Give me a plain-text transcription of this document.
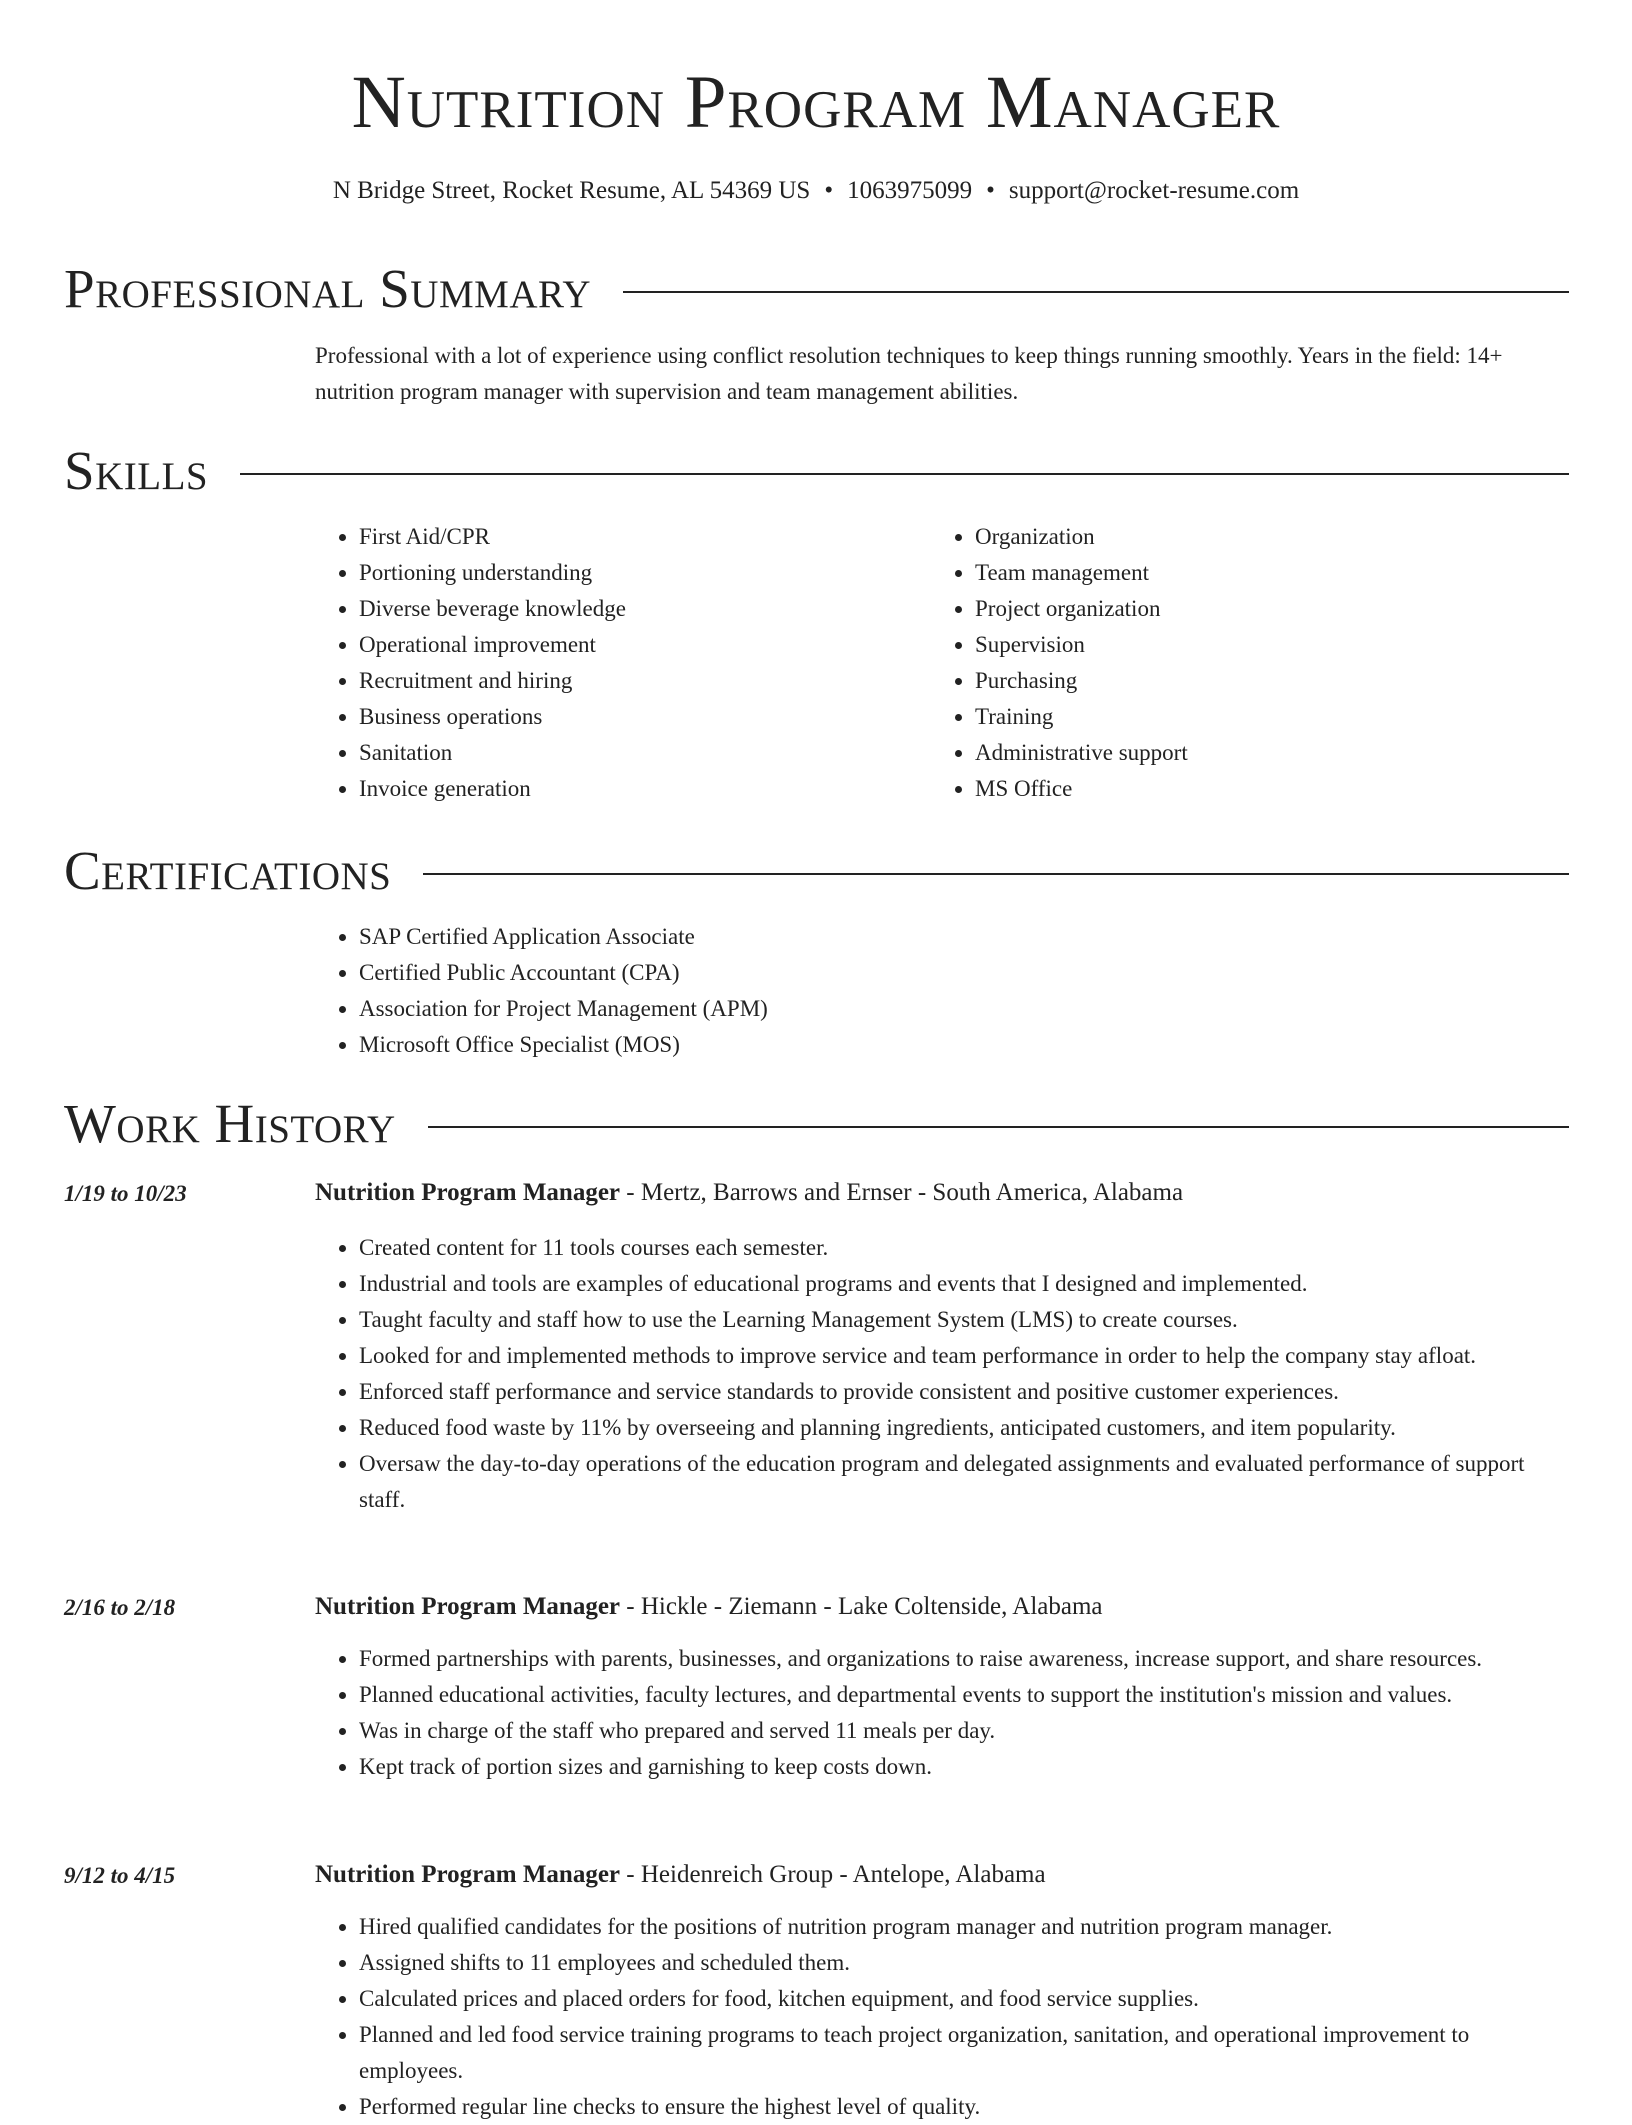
Nutrition Program Manager
N Bridge Street, Rocket Resume, AL 54369 US • 1063975099 • support@rocket-resume.com
Professional Summary
Professional with a lot of experience using conflict resolution techniques to keep things running smoothly. Years in the field: 14+ nutrition program manager with supervision and team management abilities.
Skills
• First Aid/CPR
• Portioning understanding
• Diverse beverage knowledge
• Operational improvement
• Recruitment and hiring
• Business operations
• Sanitation
• Invoice generation
• Organization
• Team management
• Project organization
• Supervision
• Purchasing
• Training
• Administrative support
• MS Office
Certifications
• SAP Certified Application Associate
• Certified Public Accountant (CPA)
• Association for Project Management (APM)
• Microsoft Office Specialist (MOS)
Work History
1/19 to 10/23	Nutrition Program Manager - Mertz, Barrows and Ernser - South America, Alabama
• Created content for 11 tools courses each semester.
• Industrial and tools are examples of educational programs and events that I designed and implemented.
• Taught faculty and staff how to use the Learning Management System (LMS) to create courses.
• Looked for and implemented methods to improve service and team performance in order to help the company stay afloat.
• Enforced staff performance and service standards to provide consistent and positive customer experiences.
• Reduced food waste by 11% by overseeing and planning ingredients, anticipated customers, and item popularity.
• Oversaw the day-to-day operations of the education program and delegated assignments and evaluated performance of support staff.
2/16 to 2/18	Nutrition Program Manager - Hickle - Ziemann - Lake Coltenside, Alabama
• Formed partnerships with parents, businesses, and organizations to raise awareness, increase support, and share resources.
• Planned educational activities, faculty lectures, and departmental events to support the institution's mission and values.
• Was in charge of the staff who prepared and served 11 meals per day.
• Kept track of portion sizes and garnishing to keep costs down.
9/12 to 4/15	Nutrition Program Manager - Heidenreich Group - Antelope, Alabama
• Hired qualified candidates for the positions of nutrition program manager and nutrition program manager.
• Assigned shifts to 11 employees and scheduled them.
• Calculated prices and placed orders for food, kitchen equipment, and food service supplies.
• Planned and led food service training programs to teach project organization, sanitation, and operational improvement to employees.
• Performed regular line checks to ensure the highest level of quality.
